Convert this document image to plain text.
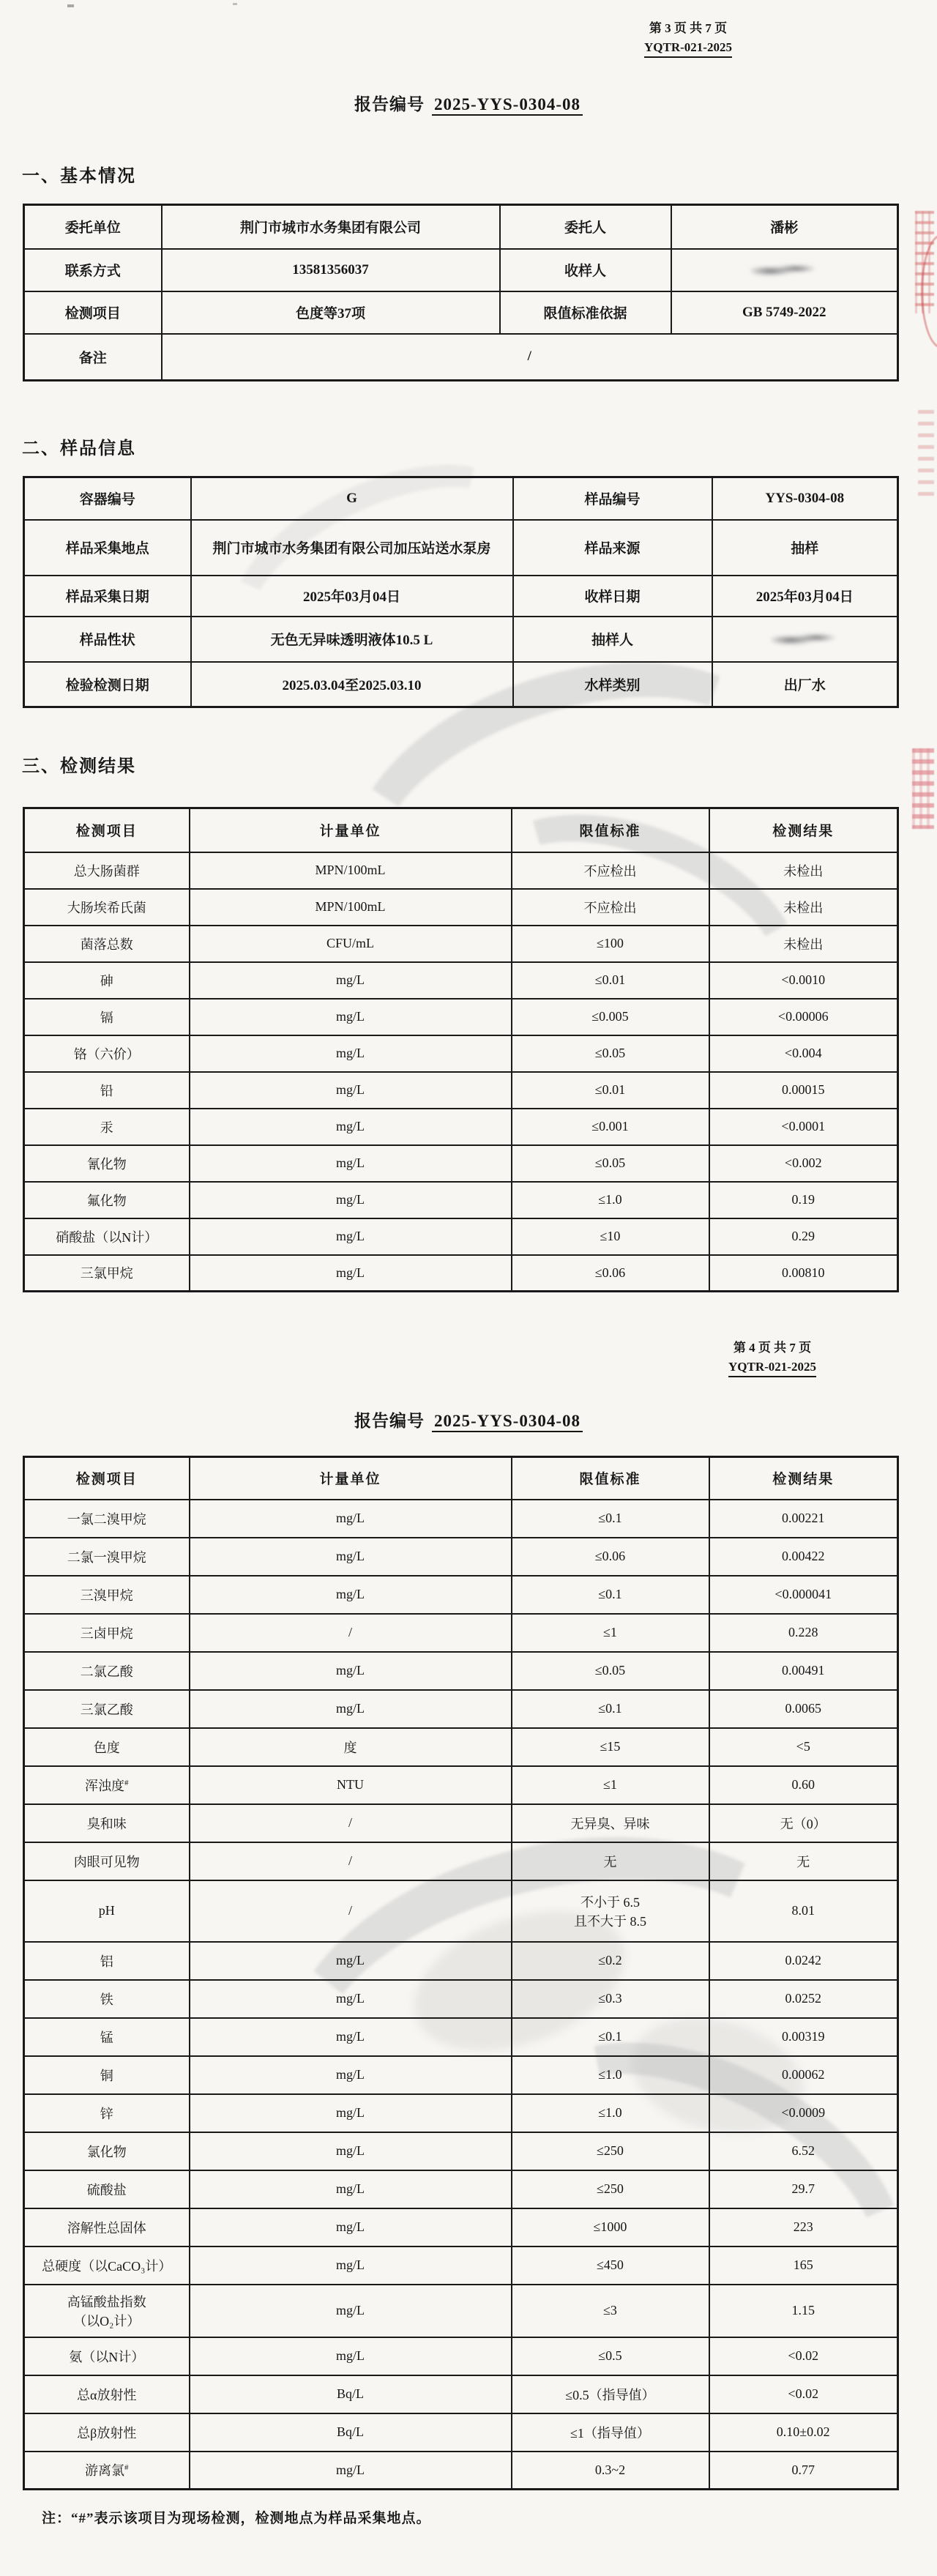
第 3 页 共 7 页
YQTR-021-2025
报告编号 2025-YYS-0304-08
一、基本情况
委托单位	荆门市城市水务集团有限公司	委托人	潘彬
联系方式	13581356037	收样人	
检测项目	色度等37项	限值标准依据	GB 5749-2022
备注	/		
二、样品信息
容器编号	G	样品编号	YYS-0304-08
样品采集地点	荆门市城市水务集团有限公司加压站送水泵房	样品来源	抽样
样品采集日期	2025年03月04日	收样日期	2025年03月04日
样品性状	无色无异味透明液体10.5 L	抽样人	
检验检测日期	2025.03.04至2025.03.10	水样类别	出厂水
三、检测结果
检测项目	计量单位	限值标准	检测结果
总大肠菌群	MPN/100mL	不应检出	未检出
大肠埃希氏菌	MPN/100mL	不应检出	未检出
菌落总数	CFU/mL	≤100	未检出
砷	mg/L	≤0.01	<0.0010
镉	mg/L	≤0.005	<0.00006
铬（六价）	mg/L	≤0.05	<0.004
铅	mg/L	≤0.01	0.00015
汞	mg/L	≤0.001	<0.0001
氰化物	mg/L	≤0.05	<0.002
氟化物	mg/L	≤1.0	0.19
硝酸盐（以N计）	mg/L	≤10	0.29
三氯甲烷	mg/L	≤0.06	0.00810
第 4 页 共 7 页
YQTR-021-2025
报告编号 2025-YYS-0304-08
检测项目	计量单位	限值标准	检测结果
一氯二溴甲烷	mg/L	≤0.1	0.00221
二氯一溴甲烷	mg/L	≤0.06	0.00422
三溴甲烷	mg/L	≤0.1	<0.000041
三卤甲烷	/	≤1	0.228
二氯乙酸	mg/L	≤0.05	0.00491
三氯乙酸	mg/L	≤0.1	0.0065
色度	度	≤15	<5
浑浊度#	NTU	≤1	0.60
臭和味	/	无异臭、异味	无（0）
肉眼可见物	/	无	无
pH	/	不小于 6.5
且不大于 8.5	8.01
铝	mg/L	≤0.2	0.0242
铁	mg/L	≤0.3	0.0252
锰	mg/L	≤0.1	0.00319
铜	mg/L	≤1.0	0.00062
锌	mg/L	≤1.0	<0.0009
氯化物	mg/L	≤250	6.52
硫酸盐	mg/L	≤250	29.7
溶解性总固体	mg/L	≤1000	223
总硬度（以CaCO₃计）	mg/L	≤450	165

高锰酸盐指数
（以O₂计）	mg/L	≤3	1.15
氨（以N计）	mg/L	≤0.5	<0.02
总α放射性	Bq/L	≤0.5（指导值）	<0.02
总β放射性	Bq/L	≤1（指导值）	0.10±0.02
游离氯#	mg/L	0.3~2	0.77
注：“#”表示该项目为现场检测，检测地点为样品采集地点。
